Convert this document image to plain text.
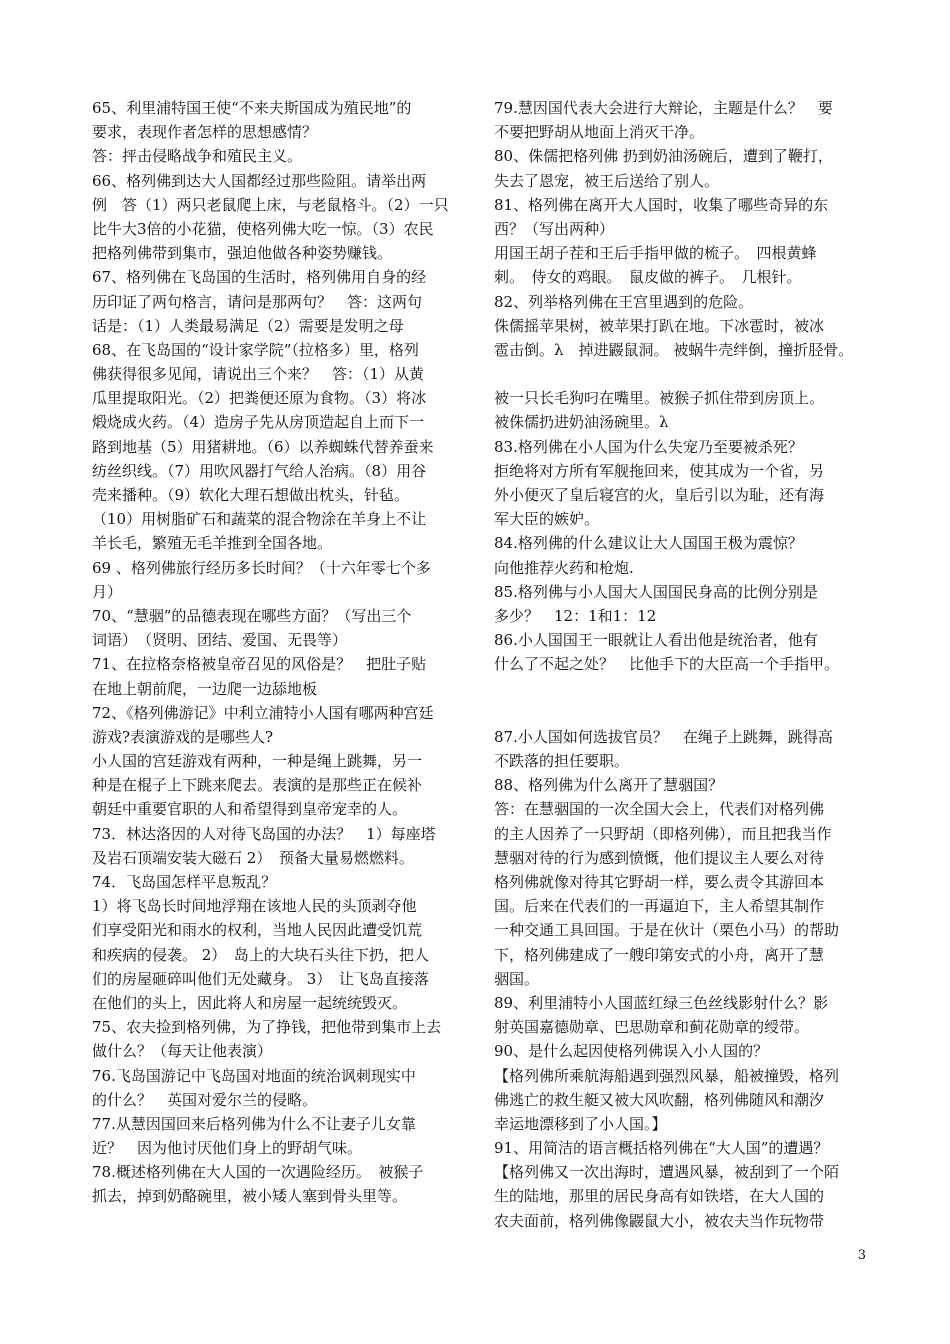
65、利里浦特国王使“不来夫斯国成为殖民地”的
要求，表现作者怎样的思想感情？
答：抨击侵略战争和殖民主义。
66、格列佛到达大人国都经过那些险阻。请举出两
例　答（1）两只老鼠爬上床，与老鼠格斗。（2）一只
比牛大3倍的小花猫，使格列佛大吃一惊。（3）农民
把格列佛带到集市，强迫他做各种姿势赚钱。
67、格列佛在飞岛国的生活时，格列佛用自身的经
历印证了两句格言，请问是那两句？　答：这两句
话是：（1）人类最易满足（2）需要是发明之母
68、在飞岛国的“设计家学院”（拉格多）里，格列
佛获得很多见闻，请说出三个来？　答：（1）从黄
瓜里提取阳光。（2）把粪便还原为食物。（3）将冰
煅烧成火药。（4）造房子先从房顶造起自上而下一
路到地基（5）用猪耕地。（6）以养蜘蛛代替养蚕来
纺丝织线。（7）用吹风器打气给人治病。（8）用谷
壳来播种。（9）软化大理石想做出枕头，针毡。
（10）用树脂矿石和蔬菜的混合物涂在羊身上不让
羊长毛，繁殖无毛羊推到全国各地。
69 、格列佛旅行经历多长时间？（十六年零七个多
月）
70、“慧骃”的品德表现在哪些方面？（写出三个
词语）　（贤明、团结、爱国、无畏等）
71、在拉格奈格被皇帝召见的风俗是？　把肚子贴
在地上朝前爬，一边爬一边舔地板
72、《格列佛游记》中利立浦特小人国有哪两种宫廷
游戏?表演游戏的是哪些人?
小人国的宫廷游戏有两种，一种是绳上跳舞，另一
种是在棍子上下跳来爬去。表演的是那些正在候补
朝廷中重要官职的人和希望得到皇帝宠幸的人。
73．林达洛因的人对待飞岛国的办法？　1）每座塔
及岩石顶端安装大磁石 2）　预备大量易燃燃料。
74．飞岛国怎样平息叛乱？
1）将飞岛长时间地浮翔在该地人民的头顶剥夺他
们享受阳光和雨水的权利，当地人民因此遭受饥荒
和疾病的侵袭。 2）　岛上的大块石头往下扔，把人
们的房屋砸碎叫他们无处藏身。 3）　让飞岛直接落
在他们的头上，因此将人和房屋一起统统毁灭。
75、农夫捡到格列佛，为了挣钱，把他带到集市上去
做什么？（每天让他表演）
76.飞岛国游记中飞岛国对地面的统治讽刺现实中
的什么？　英国对爱尔兰的侵略。
77.从慧因国回来后格列佛为什么不让妻子儿女靠
近？　因为他讨厌他们身上的野胡气味。
78.概述格列佛在大人国的一次遇险经历。　被猴子
抓去，掉到奶酪碗里，被小矮人塞到骨头里等。
79.慧因国代表大会进行大辩论，主题是什么？　要
不要把野胡从地面上消灭干净。
80、侏儒把格列佛 扔到奶油汤碗后，遭到了鞭打，
失去了恩宠，被王后送给了别人。
81、格列佛在离开大人国时，收集了哪些奇异的东
西？（写出两种）
用国王胡子茬和王后手指甲做的梳子。　四根黄蜂
刺。　侍女的鸡眼。　鼠皮做的裤子。　几根针。
82、列举格列佛在王宫里遇到的危险。
侏儒摇苹果树，被苹果打趴在地。下冰雹时，被冰
雹击倒。λ　掉进鼹鼠洞。 被蜗牛壳绊倒，撞折胫骨。
被一只长毛狗叼在嘴里。被猴子抓住带到房顶上。
被侏儒扔进奶油汤碗里。λ
83.格列佛在小人国为什么失宠乃至要被杀死？
拒绝将对方所有军舰拖回来，使其成为一个省，另
外小便灭了皇后寝宫的火，皇后引以为耻，还有海
军大臣的嫉妒。
84.格列佛的什么建议让大人国国王极为震惊？
向他推荐火药和枪炮.
85.格列佛与小人国大人国国民身高的比例分别是
多少？　12：1和1：12
86.小人国国王一眼就让人看出他是统治者，他有
什么了不起之处？　比他手下的大臣高一个手指甲。
87.小人国如何选拔官员？　在绳子上跳舞，跳得高
不跌落的担任要职。
88、格列佛为什么离开了慧骃国？
答：在慧骃国的一次全国大会上，代表们对格列佛
的主人因养了一只野胡（即格列佛），而且把我当作
慧骃对待的行为感到愤慨，他们提议主人要么对待
格列佛就像对待其它野胡一样，要么责令其游回本
国。后来在代表们的一再逼迫下，主人希望其制作
一种交通工具回国。于是在伙计（栗色小马）的帮助
下，格列佛建成了一艘印第安式的小舟，离开了慧
骃国。
89、利里浦特小人国蓝红绿三色丝线影射什么？影
射英国嘉德勋章、巴思勋章和蓟花勋章的绶带。
90、是什么起因使格列佛误入小人国的？
【格列佛所乘航海船遇到强烈风暴，船被撞毁，格列
佛逃亡的救生艇又被大风吹翻，格列佛随风和潮汐
幸运地漂移到了小人国。】
91、用简洁的语言概括格列佛在“大人国”的遭遇？
【格列佛又一次出海时，遭遇风暴，被刮到了一个陌
生的陆地，那里的居民身高有如铁塔，在大人国的
农夫面前，格列佛像鼹鼠大小，被农夫当作玩物带
3
